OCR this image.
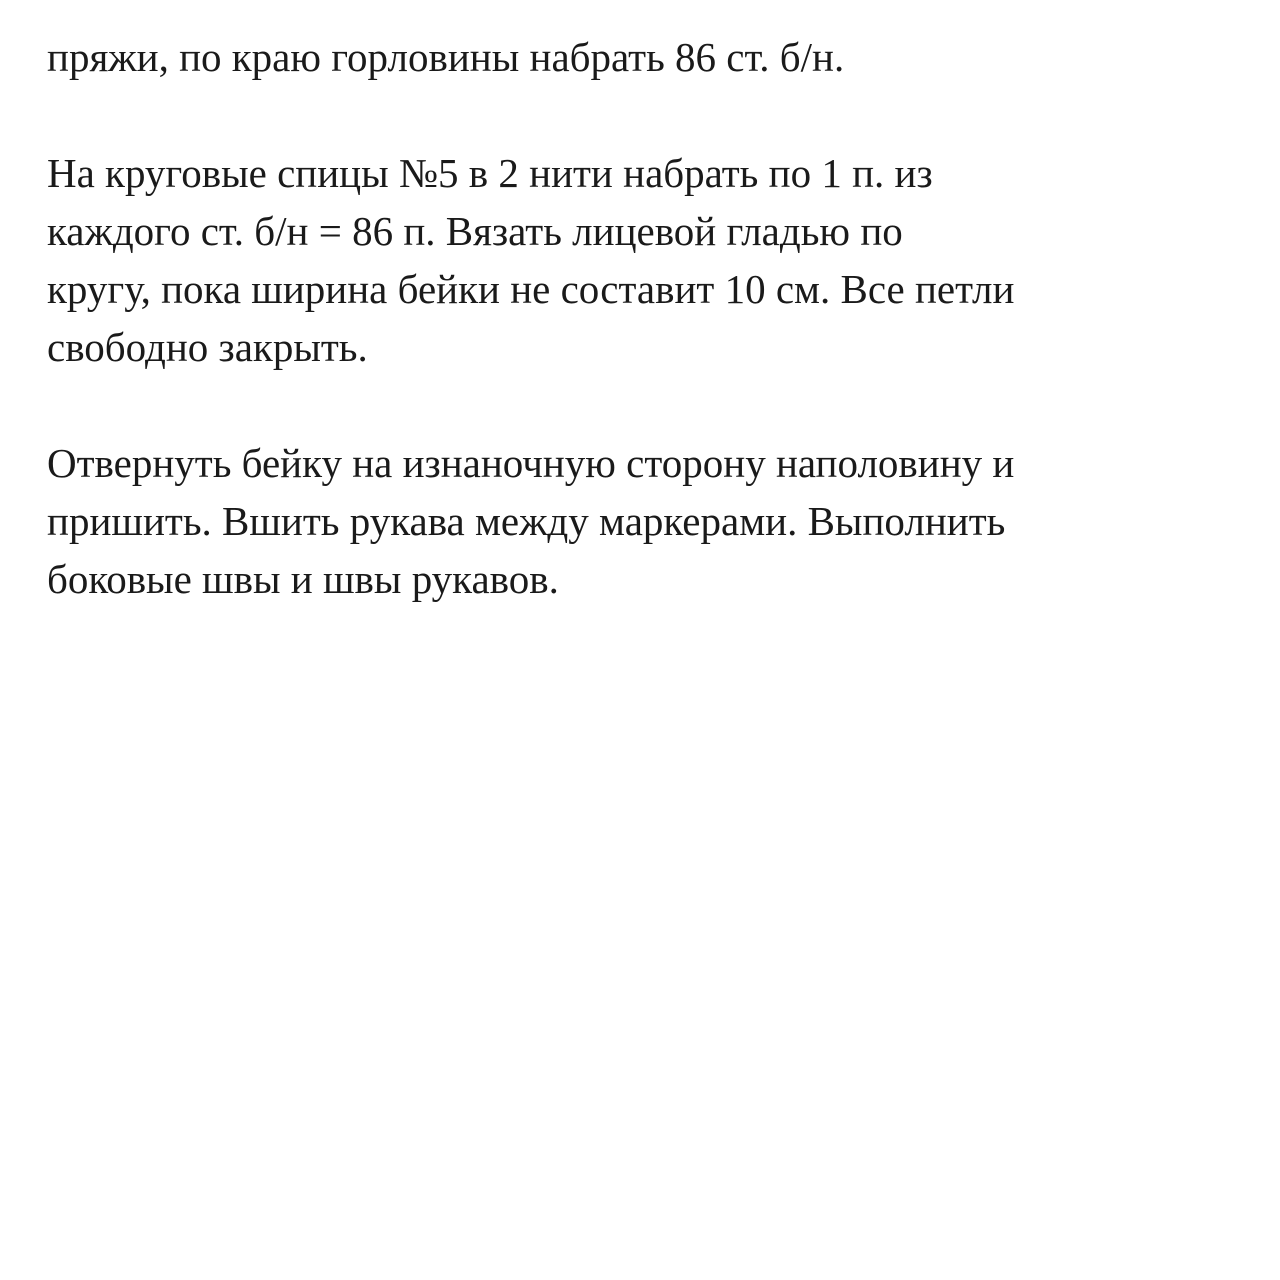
пряжи, по краю горловины набрать 86 ст. б/н.

На круговые спицы №5 в 2 нити набрать по 1 п. из
каждого ст. б/н = 86 п. Вязать лицевой гладью по
кругу, пока ширина бейки не составит 10 см. Все петли
свободно закрыть.

Отвернуть бейку на изнаночную сторону наполовину и
пришить. Вшить рукава между маркерами. Выполнить
боковые швы и швы рукавов.
